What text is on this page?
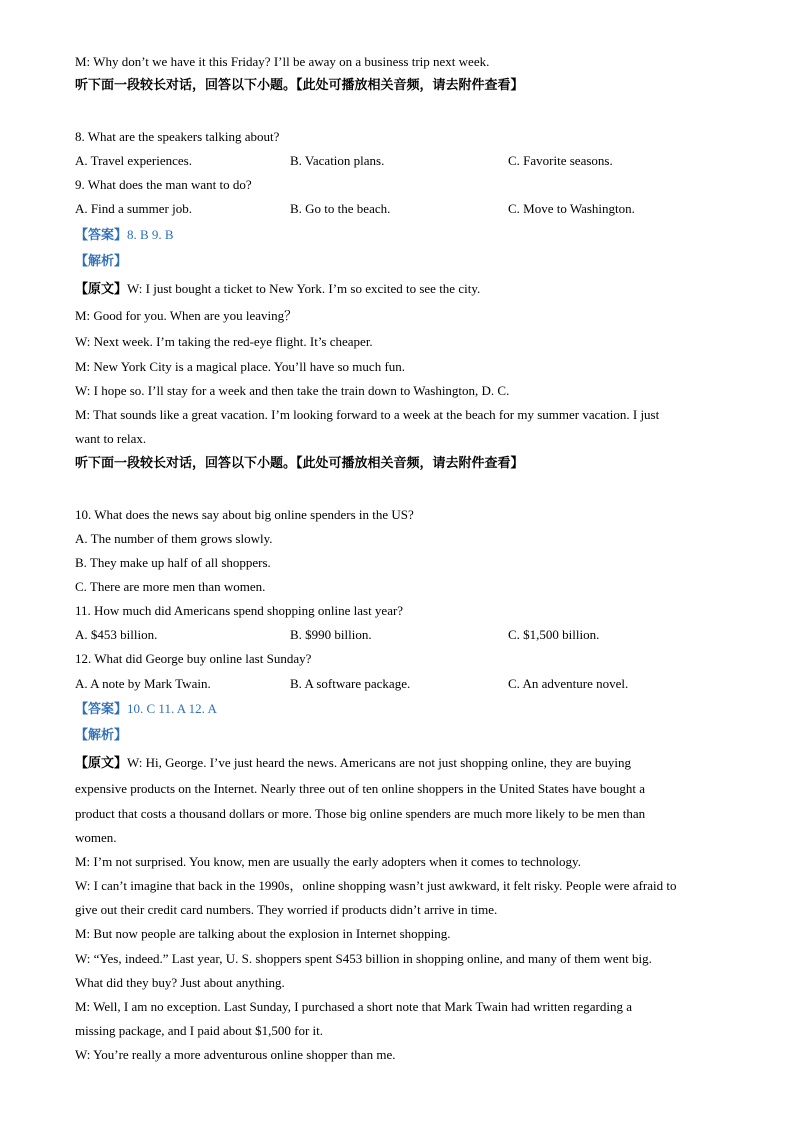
M: Why don’t we have it this Friday? I’ll be away on a business trip next week.
听下面一段较长对话，回答以下小题。【此处可播放相关音频，请去附件查看】
8. What are the speakers talking about?
A. Travel experiences.	B. Vacation plans.	C. Favorite seasons.
9. What does the man want to do?
A. Find a summer job.	B. Go to the beach.	C. Move to Washington.
【答案】8. B 9. B
【解析】
【原文】W: I just bought a ticket to New York. I’m so excited to see the city.
M: Good for you. When are you leaving？
W: Next week. I’m taking the red-eye flight. It’s cheaper.
M: New York City is a magical place. You’ll have so much fun.
W: I hope so. I’ll stay for a week and then take the train down to Washington, D. C.
M: That sounds like a great vacation. I’m looking forward to a week at the beach for my summer vacation. I just
want to relax.
听下面一段较长对话，回答以下小题。【此处可播放相关音频，请去附件查看】
10. What does the news say about big online spenders in the US?
A. The number of them grows slowly.
B. They make up half of all shoppers.
C. There are more men than women.
11. How much did Americans spend shopping online last year?
A. $453 billion.	B. $990 billion.	C. $1,500 billion.
12. What did George buy online last Sunday?
A. A note by Mark Twain.	B. A software package.	C. An adventure novel.
【答案】10. C 11. A 12. A
【解析】
【原文】W: Hi, George. I’ve just heard the news. Americans are not just shopping online, they are buying
expensive products on the Internet. Nearly three out of ten online shoppers in the United States have bought a
product that costs a thousand dollars or more. Those big online spenders are much more likely to be men than
women.
M: I’m not surprised. You know, men are usually the early adopters when it comes to technology.
W: I can’t imagine that back in the 1990s，online shopping wasn’t just awkward, it felt risky. People were afraid to
give out their credit card numbers. They worried if products didn’t arrive in time.
M: But now people are talking about the explosion in Internet shopping.
W: “Yes, indeed.” Last year, U. S. shoppers spent S453 billion in shopping online, and many of them went big.
What did they buy? Just about anything.
M: Well, I am no exception. Last Sunday, I purchased a short note that Mark Twain had written regarding a
missing package, and I paid about $1,500 for it.
W: You’re really a more adventurous online shopper than me.
